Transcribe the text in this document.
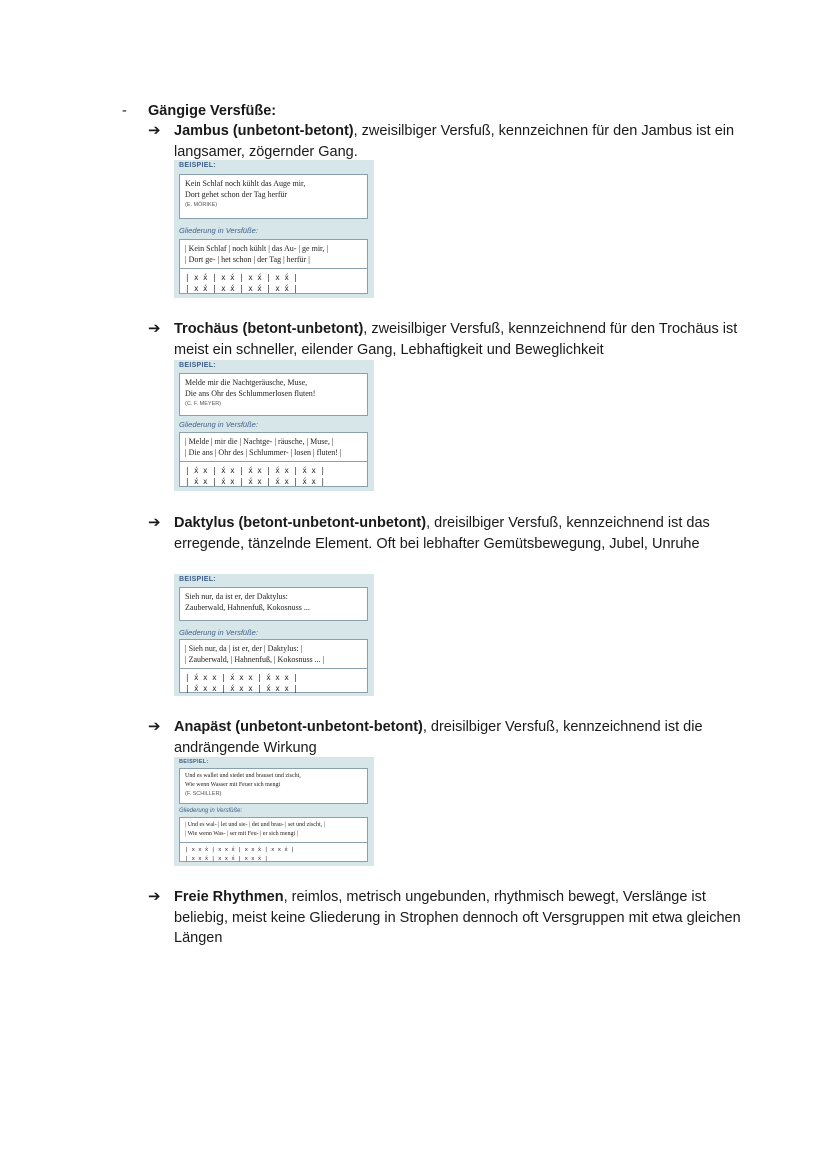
- Gängige Versfüße:
➔ Jambus (unbetont-betont), zweisilbiger Versfuß, kennzeichnen für den Jambus ist ein langsamer, zögernder Gang.
BEISPIEL:
Kein Schlaf noch kühlt das Auge mir,
Dort gehet schon der Tag herfür
(E. MÖRIKE)
Gliederung in Versfüße:
| Kein Schlaf | noch kühlt | das Au- | ge mir, |
| Dort ge- | het schon | der Tag | herfür |
| x x́ | x x́ | x x́ | x x́ |
| x x́ | x x́ | x x́ | x x́ |
➔ Trochäus (betont-unbetont), zweisilbiger Versfuß, kennzeichnend für den Trochäus ist meist ein schneller, eilender Gang, Lebhaftigkeit und Beweglichkeit
BEISPIEL:
Melde mir die Nachtgeräusche, Muse,
Die ans Ohr des Schlummerlosen fluten!
(C. F. MEYER)
Gliederung in Versfüße:
| Melde | mir die | Nachtge- | räusche, | Muse, |
| Die ans | Ohr des | Schlummer- | losen | fluten! |
| x́ x | x́ x | x́ x | x́ x | x́ x |
| x́ x | x́ x | x́ x | x́ x | x́ x |
➔ Daktylus (betont-unbetont-unbetont), dreisilbiger Versfuß, kennzeichnend ist das erregende, tänzelnde Element. Oft bei lebhafter Gemütsbewegung, Jubel, Unruhe
BEISPIEL:
Sieh nur, da ist er, der Daktylus:
Zauberwald, Hahnenfuß, Kokosnuss ...
Gliederung in Versfüße:
| Sieh nur, da | ist er, der | Daktylus: |
| Zauberwald, | Hahnenfuß, | Kokosnuss ... |
| x́ x x | x́ x x | x́ x x |
| x́ x x | x́ x x | x́ x x |
➔ Anapäst (unbetont-unbetont-betont), dreisilbiger Versfuß, kennzeichnend ist die andrängende Wirkung
BEISPIEL:
Und es wallet und siedet und brauset und zischt,
Wie wenn Wasser mit Feuer sich mengt
(F. SCHILLER)
Gliederung in Versfüße:
| Und es wal- | let und sie- | det und brau- | set und zischt, |
| Wie wenn Was- | ser mit Feu- | er sich mengt |
| x x x́ | x x x́ | x x x́ | x x x́ |
| x x x́ | x x x́ | x x x́ |
➔ Freie Rhythmen, reimlos, metrisch ungebunden, rhythmisch bewegt, Verslänge ist beliebig, meist keine Gliederung in Strophen dennoch oft Versgruppen mit etwa gleichen Längen
